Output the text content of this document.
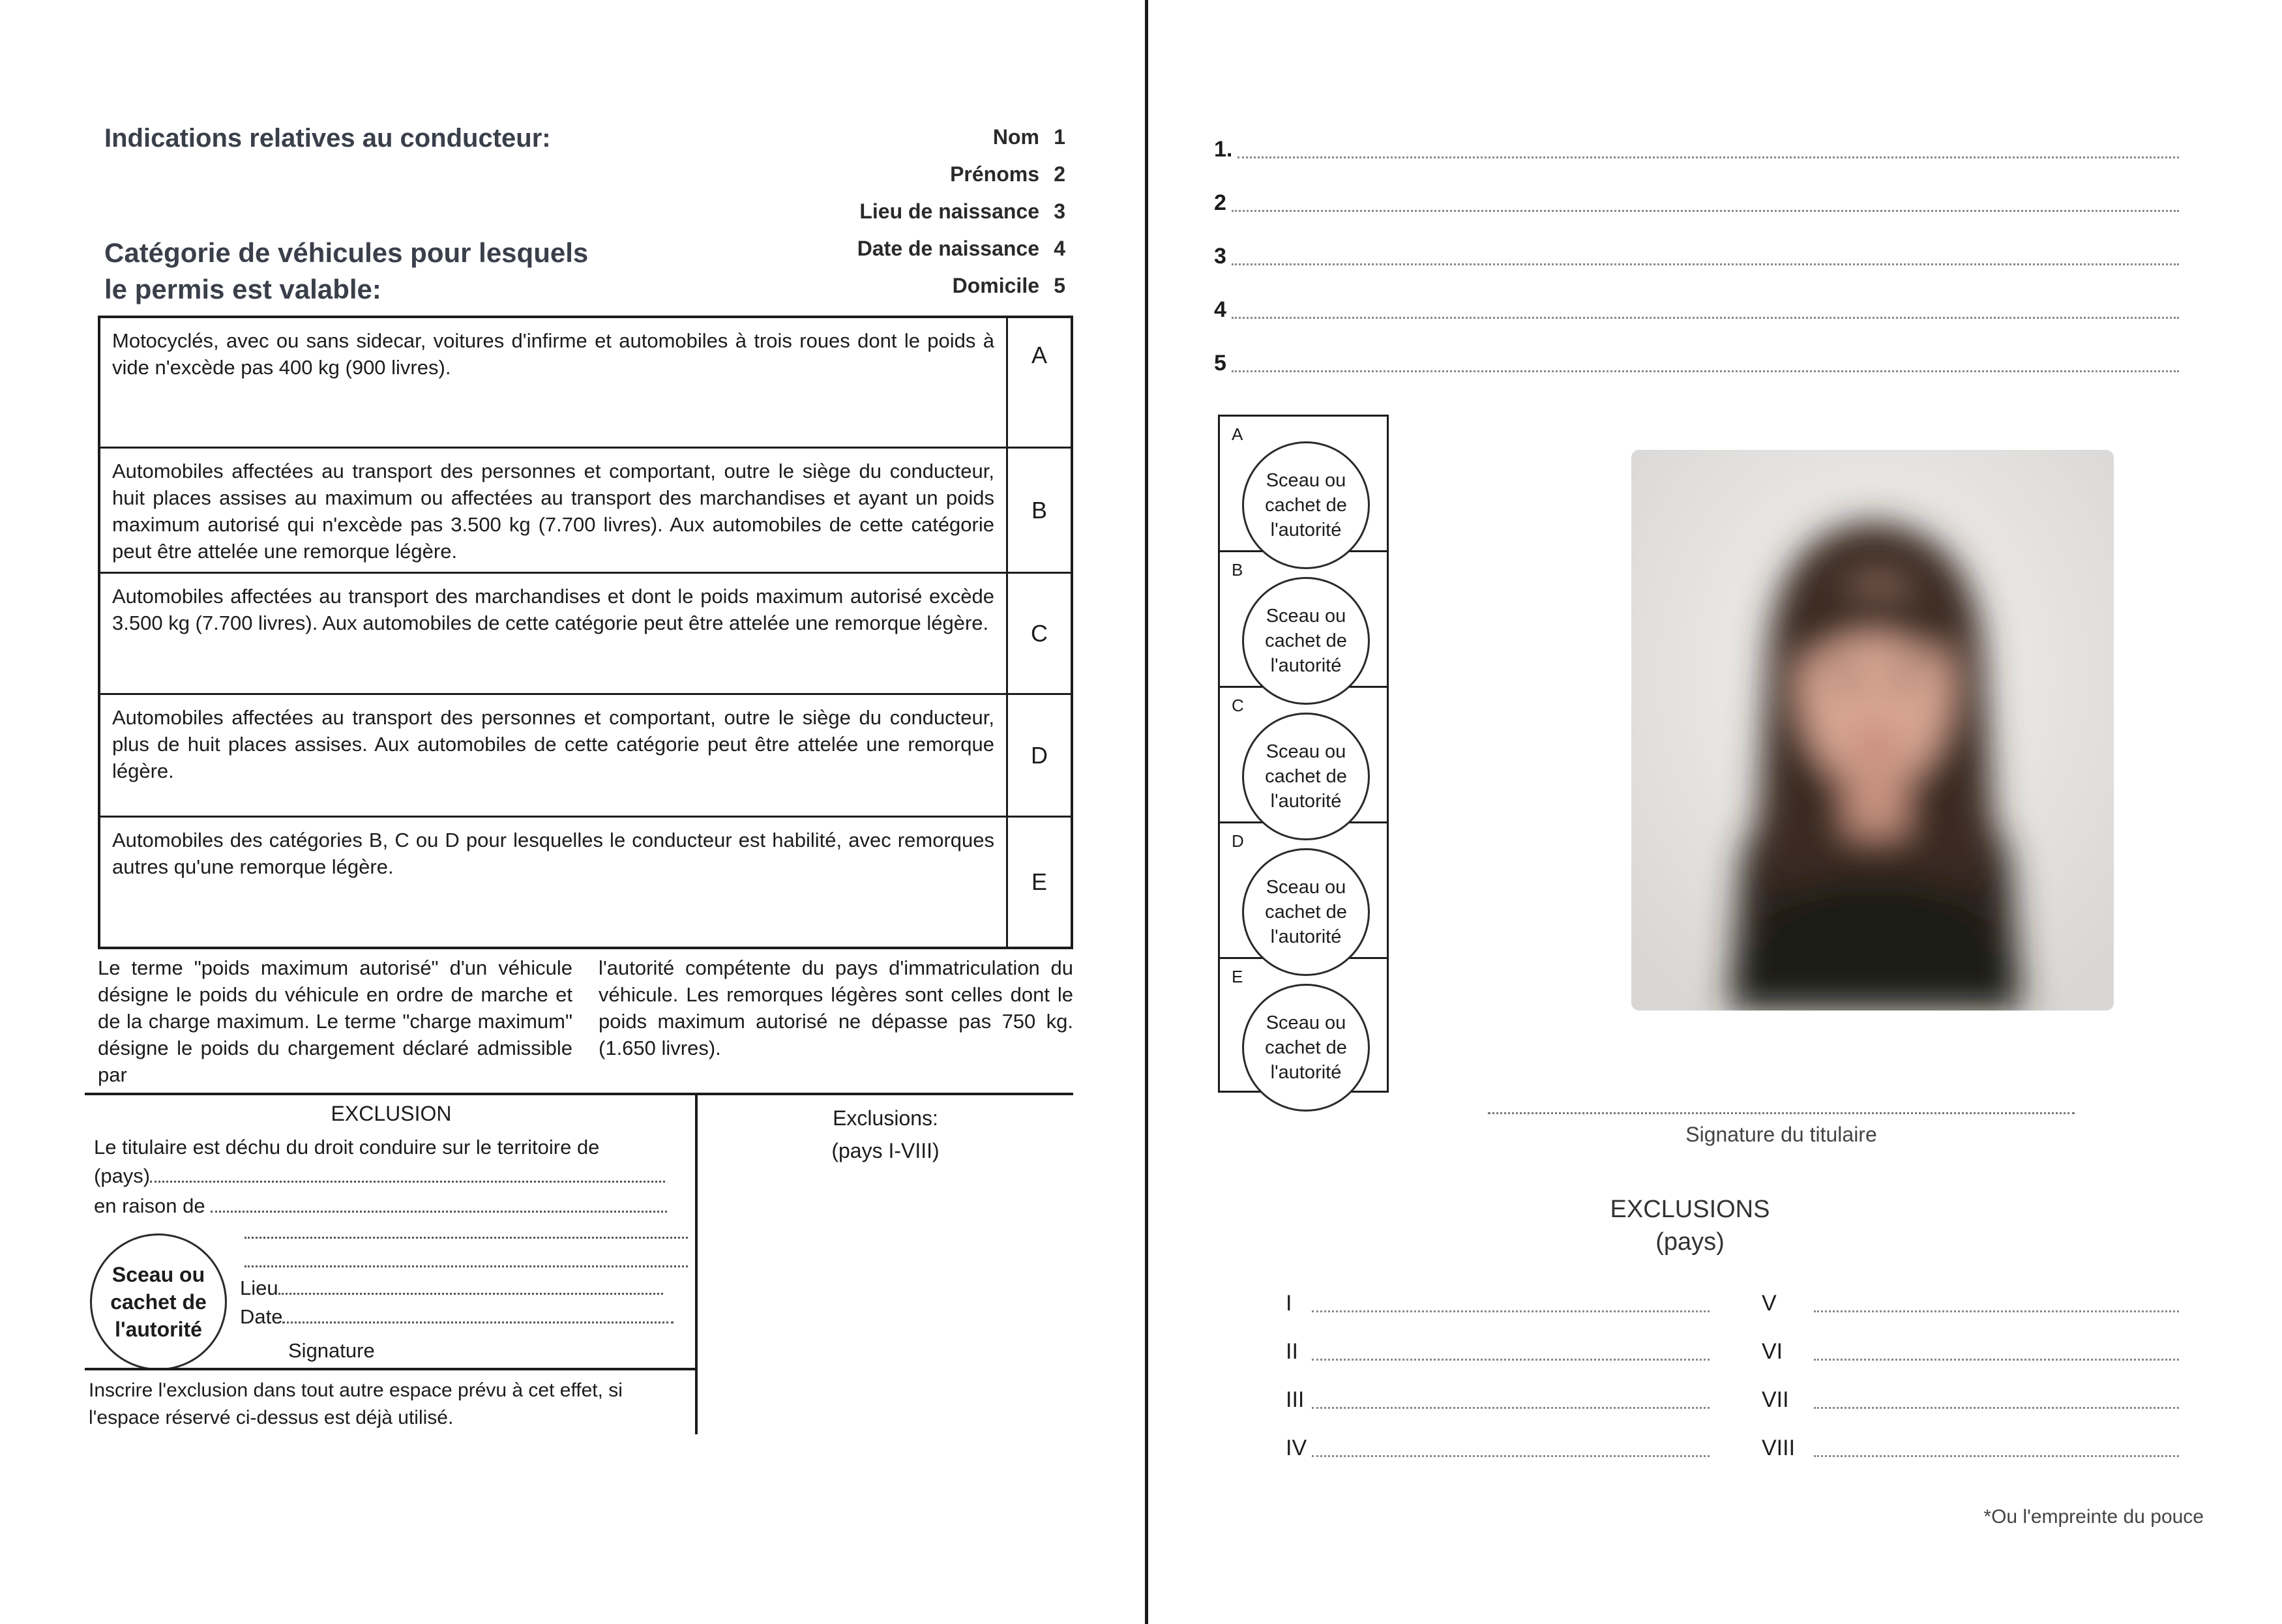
Indications relatives au conducteur:
Catégorie de véhicules pour lesquels
le permis est valable:
Nom 1
Prénoms 2
Lieu de naissance 3
Date de naissance 4
Domicile 5
Motocyclés, avec ou sans sidecar, voitures d'infirme et automobiles à trois roues dont le poids à vide n'excède pas 400 kg (900 livres).	A
Automobiles affectées au transport des personnes et comportant, outre le siège du conducteur, huit places assises au maximum ou affectées au transport des marchandises et ayant un poids maximum autorisé qui n'excède pas 3.500 kg (7.700 livres). Aux automobiles de cette catégorie peut être attelée une remorque légère.
B
Automobiles affectées au transport des marchandises et dont le poids maximum autorisé excède 3.500 kg (7.700 livres). Aux automobiles de cette catégorie peut être attelée une remorque légère.	C
Automobiles affectées au transport des personnes et comportant, outre le siège du conducteur, plus de huit places assises. Aux automobiles de cette catégorie peut être attelée une remorque légère.
D
Automobiles des catégories B, C ou D pour lesquelles le conducteur est habilité, avec remorques autres qu'une remorque légère.
E
Le terme "poids maximum autorisé" d'un véhicule désigne le poids du véhicule en ordre de marche et de la charge maximum. Le terme "charge maximum" désigne le poids du chargement déclaré admissible par
l'autorité compétente du pays d'immatriculation du véhicule. Les remorques légères sont celles dont le poids maximum autorisé ne dépasse pas 750 kg. (1.650 livres).
EXCLUSION
Le titulaire est déchu du droit conduire sur le territoire de
(pays)
en raison de
Sceau ou cachet de l'autorité
Lieu
Date
Signature
Inscrire l'exclusion dans tout autre espace prévu à cet effet, si l'espace réservé ci-dessus est déjà utilisé.
Exclusions:
(pays I-VIII)
1.
2
3
4
5
A
Sceau ou cachet de l'autorité
B
Sceau ou cachet de l'autorité
C
Sceau ou cachet de l'autorité
D
Sceau ou cachet de l'autorité
E
Sceau ou cachet de l'autorité
Signature du titulaire
EXCLUSIONS
(pays)
I
II
III
IV
V
VI
VII
VIII
*Ou l'empreinte du pouce
